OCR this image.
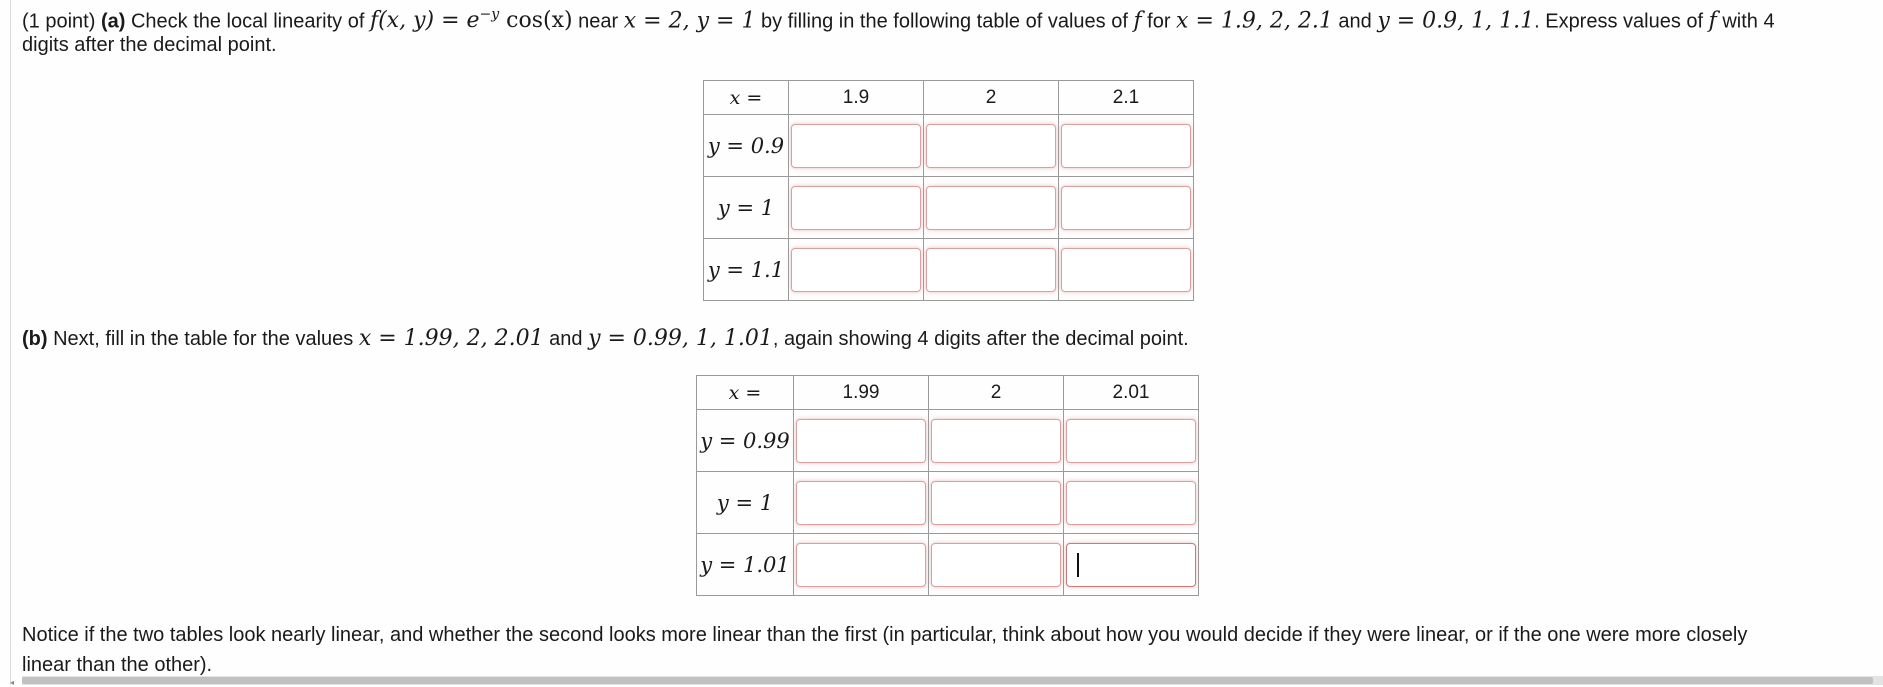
(1 point) (a) Check the local linearity of f(x, $y) = e^{-y}$ cos(x) near x = 2, y = 1 by filling in the following table of values of f for x = 1.9, 2, 2.1 and y = 0.9, 1, 1.1. Express values of f with 4

digits after the decimal point.

(b) Next, fill in the table for the values x = 1.99, 2, 2.01 and y = 0.99, 1, 1.01, again showing 4 digits after the decimal point.

Notice if the two tables look nearly linear, and whether the second looks more linear than the first (in particular, think about how you would decide if they were linear, or if the one were more closely

linear than the other).

x =	1.9	2	2.1
y = 0.9	

y = 1	

y = 1.1	

x =	1.99	2	2.01
y = 0.99	

y = 1	

y = 1.01	

◂
